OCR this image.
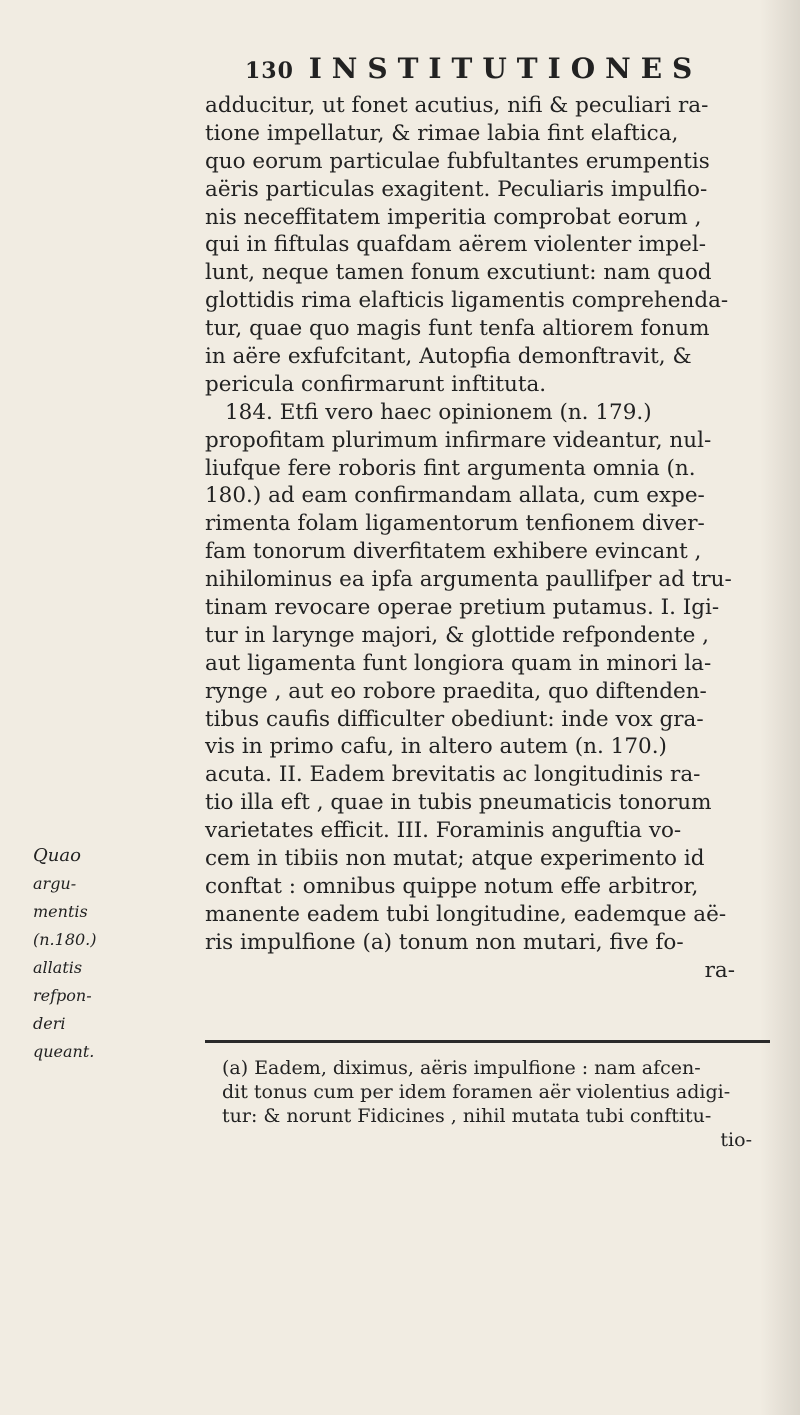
130 INSTITUTIONES
adducitur, ut fonet acutius, nifi & peculiari ra-
tione impellatur, & rimae labia fint elaftica,
quo eorum particulae fubfultantes erumpentis
aëris particulas exagitent. Peculiaris impulfio-
nis neceffitatem imperitia comprobat eorum ,
qui in fiftulas quafdam aërem violenter impel-
lunt, neque tamen fonum excutiunt: nam quod
glottidis rima elafticis ligamentis comprehenda-
tur, quae quo magis funt tenfa altiorem fonum
in aëre exfufcitant, Autopfia demonftravit, &
pericula confirmarunt inftituta.
184. Etfi vero haec opinionem (n. 179.)
propofitam plurimum infirmare videantur, nul-
liufque fere roboris fint argumenta omnia (n.
180.) ad eam confirmandam allata, cum expe-
rimenta folam ligamentorum tenfionem diver-
fam tonorum diverfitatem exhibere evincant ,
nihilominus ea ipfa argumenta paullifper ad tru-
tinam revocare operae pretium putamus. I. Igi-
tur in larynge majori, & glottide refpondente ,
aut ligamenta funt longiora quam in minori la-
rynge , aut eo robore praedita, quo diftenden-
tibus caufis difficulter obediunt: inde vox gra-
vis in primo cafu, in altero autem (n. 170.)
acuta. II. Eadem brevitatis ac longitudinis ra-
tio illa eft , quae in tubis pneumaticis tonorum
varietates efficit. III. Foraminis anguftia vo-
cem in tibiis non mutat; atque experimento id
conftat : omnibus quippe notum effe arbitror,
manente eadem tubi longitudine, eademque aë-
ris impulfione (a) tonum non mutari, five fo-
ra-
Quao
argu-
mentis
(n.180.)
allatis
refpon-
deri
queant.
(a) Eadem, diximus, aëris impulfione : nam afcen-
dit tonus cum per idem foramen aër violentius adigi-
tur: & norunt Fidicines , nihil mutata tubi conftitu-
tio-
